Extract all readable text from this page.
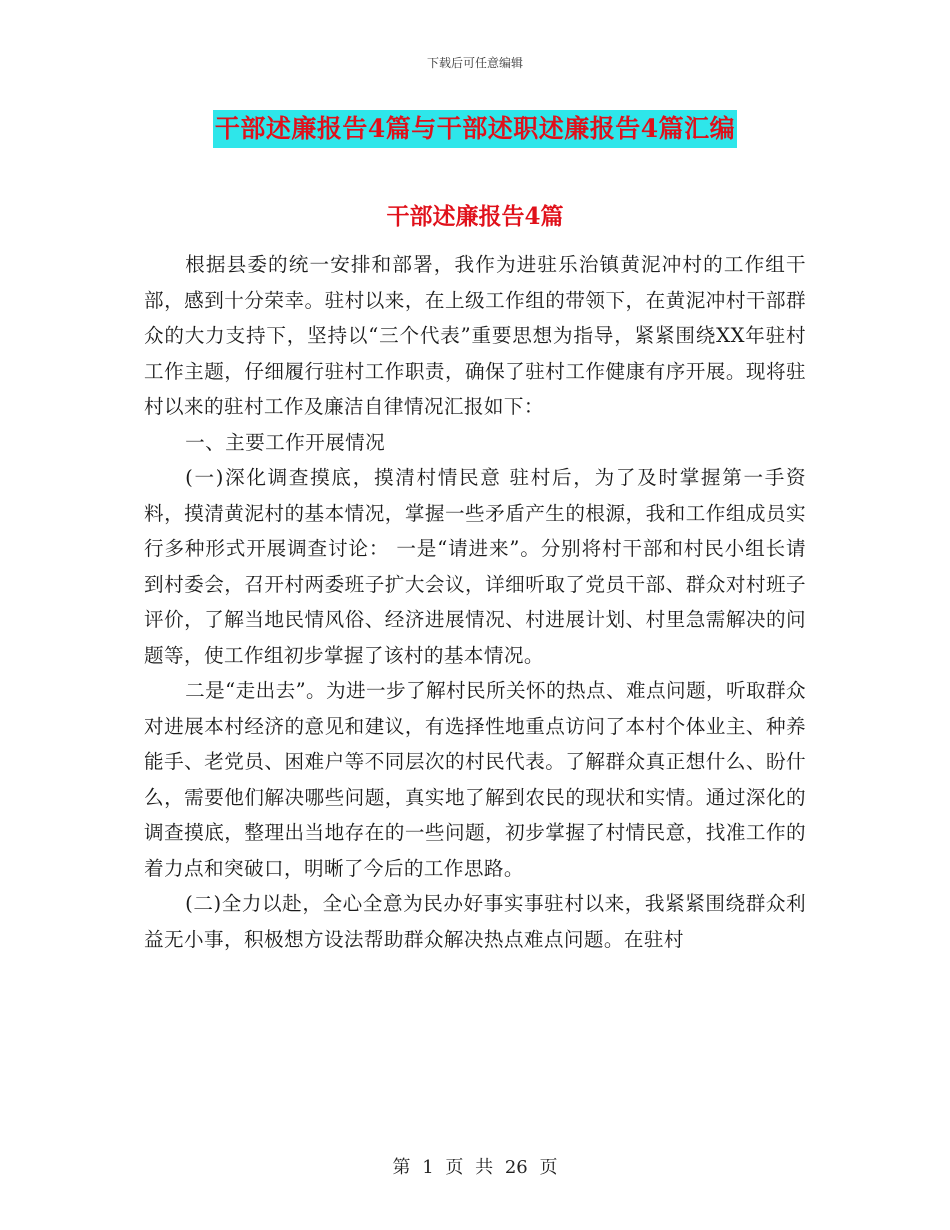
下载后可任意编辑
干部述廉报告4篇与干部述职述廉报告4篇汇编
干部述廉报告4篇

根据县委的统一安排和部署，我作为进驻乐治镇黄泥冲村的工作组干部，感到十分荣幸。驻村以来，在上级工作组的带领下，在黄泥冲村干部群众的大力支持下，坚持以“三个代表”重要思想为指导，紧紧围绕XX年驻村工作主题，仔细履行驻村工作职责，确保了驻村工作健康有序开展。现将驻村以来的驻村工作及廉洁自律情况汇报如下：

一、主要工作开展情况

(一)深化调查摸底，摸清村情民意 驻村后，为了及时掌握第一手资料，摸清黄泥村的基本情况，掌握一些矛盾产生的根源，我和工作组成员实行多种形式开展调查讨论： 一是“请进来”。分别将村干部和村民小组长请到村委会，召开村两委班子扩大会议，详细听取了党员干部、群众对村班子评价，了解当地民情风俗、经济进展情况、村进展计划、村里急需解决的问题等，使工作组初步掌握了该村的基本情况。

二是“走出去”。为进一步了解村民所关怀的热点、难点问题，听取群众对进展本村经济的意见和建议，有选择性地重点访问了本村个体业主、种养能手、老党员、困难户等不同层次的村民代表。了解群众真正想什么、盼什么，需要他们解决哪些问题，真实地了解到农民的现状和实情。通过深化的调查摸底，整理出当地存在的一些问题，初步掌握了村情民意，找准工作的着力点和突破口，明晰了今后的工作思路。

(二)全力以赴，全心全意为民办好事实事驻村以来，我紧紧围绕群众利益无小事，积极想方设法帮助群众解决热点难点问题。在驻村

第 1 页 共 26 页
